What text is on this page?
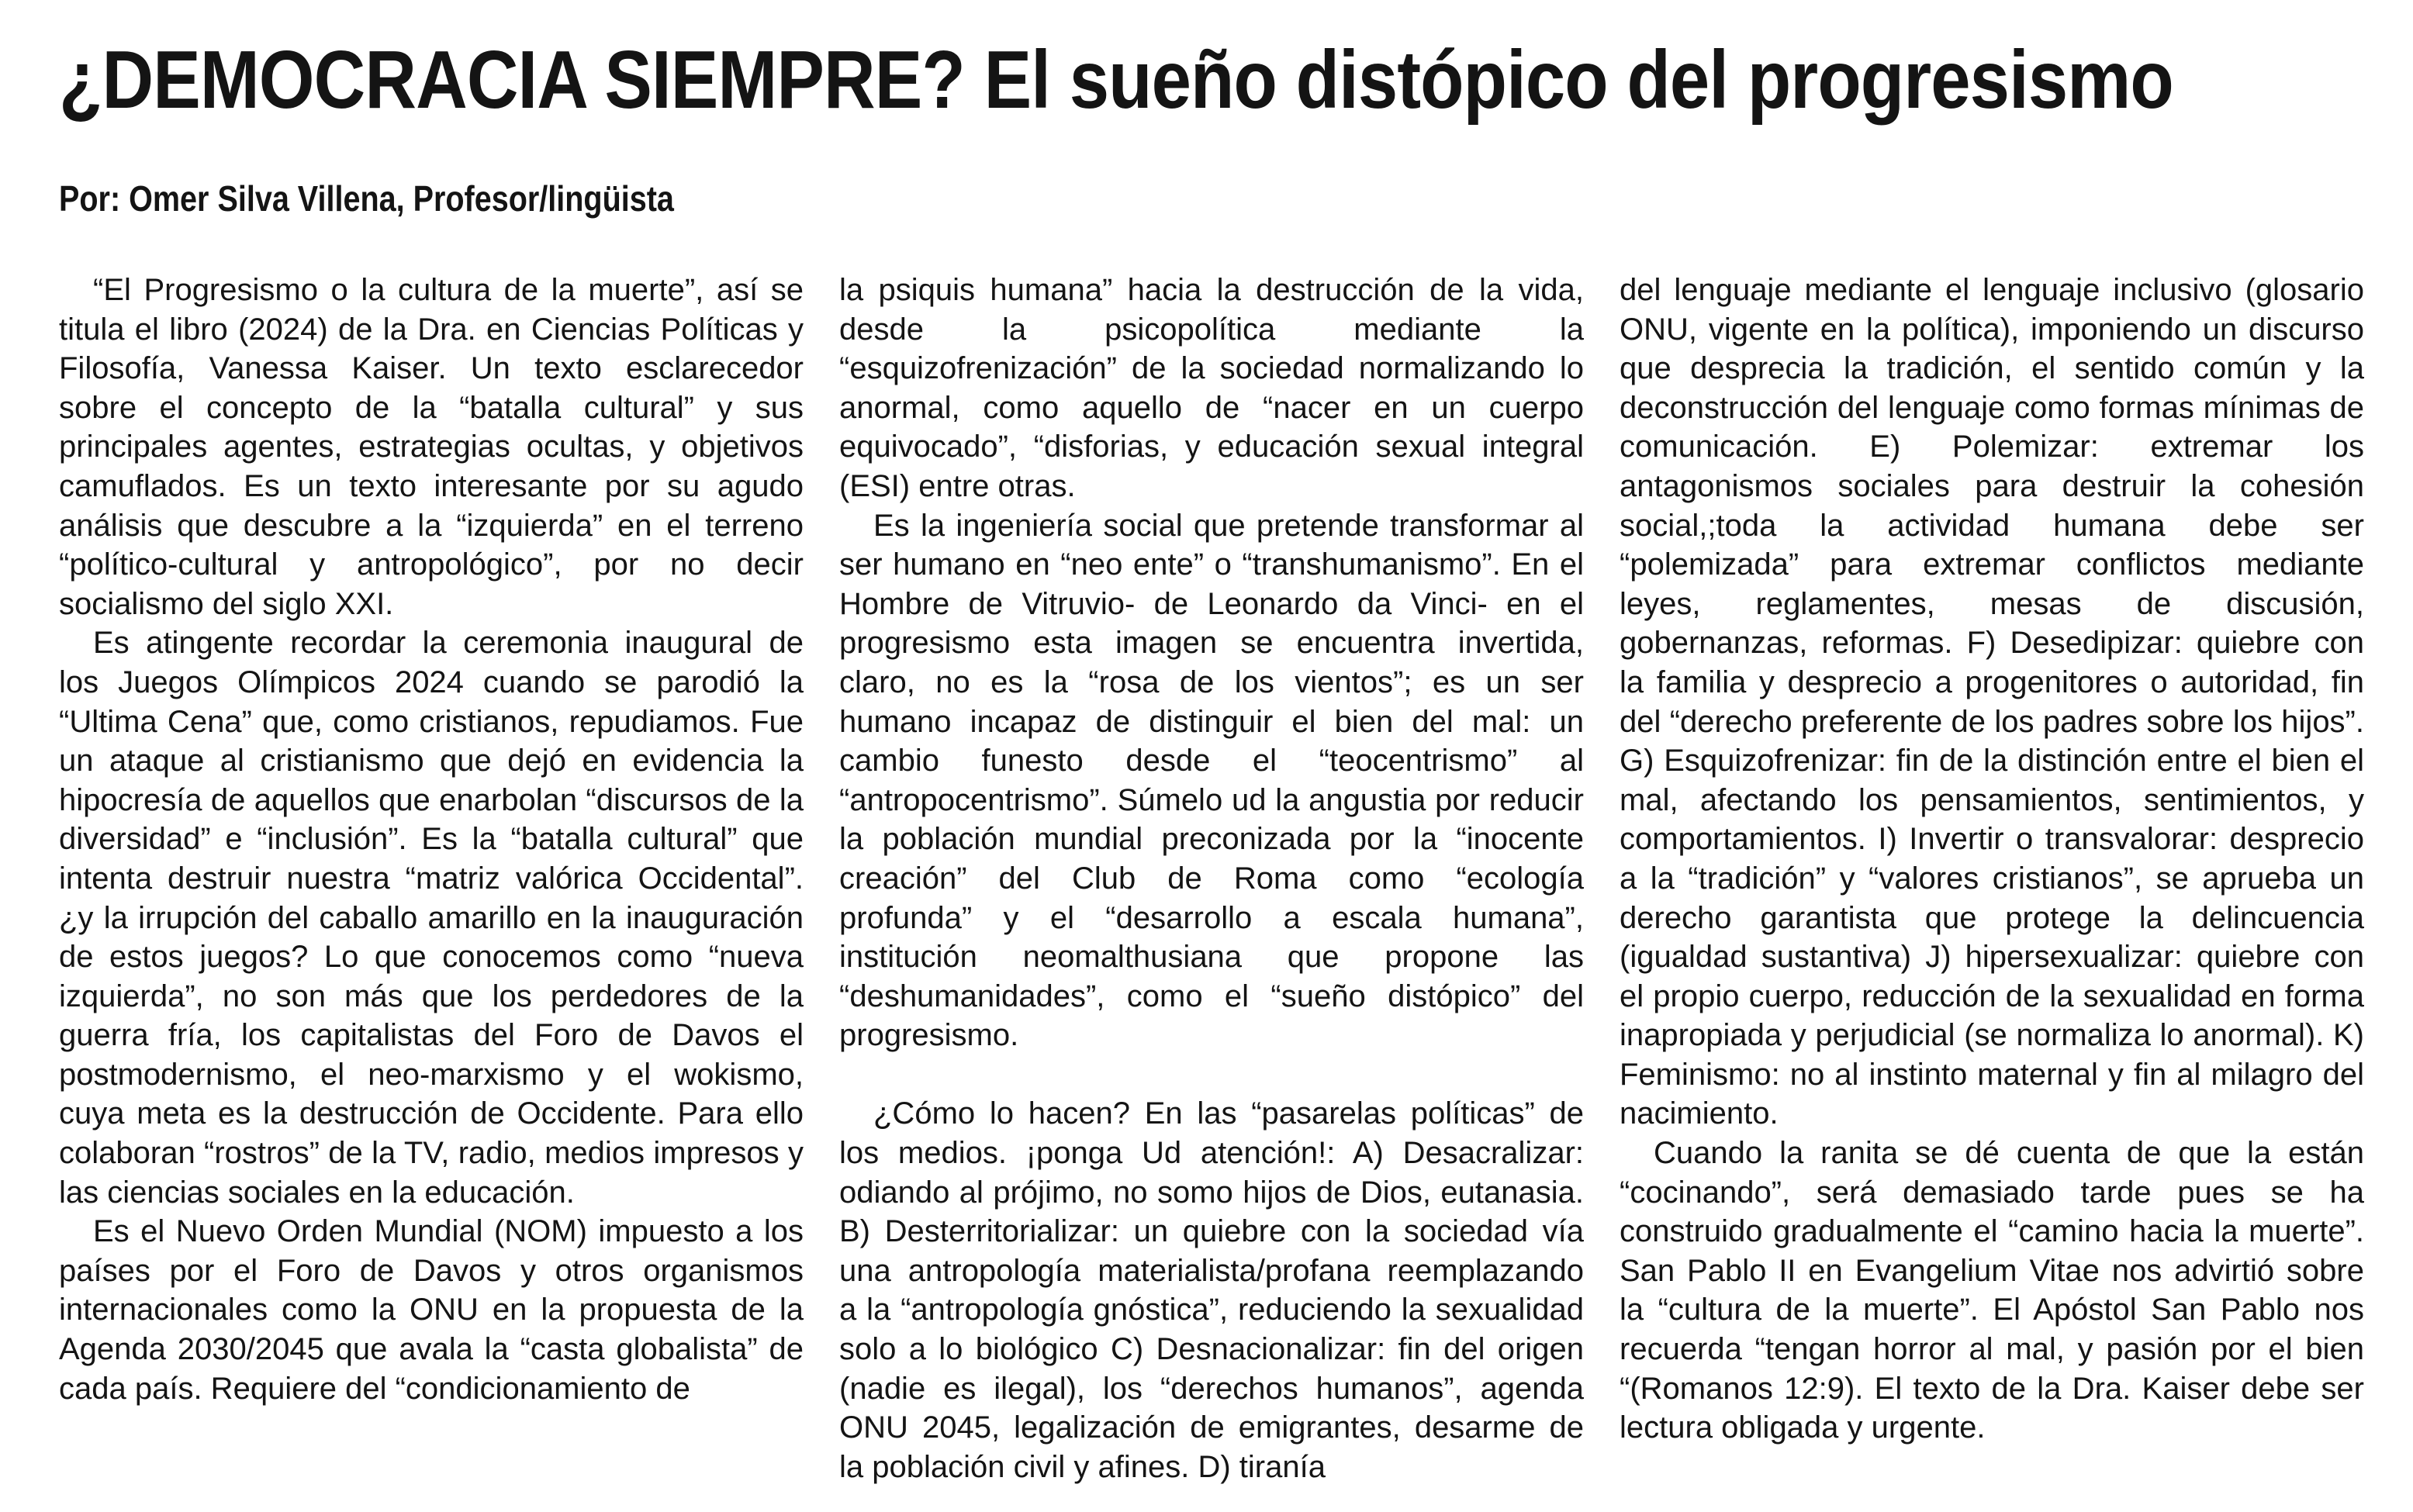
¿DEMOCRACIA SIEMPRE? El sueño distópico del progresismo
Por: Omer Silva Villena, Profesor/lingüista

“El Progresismo o la cultura de la muerte”, así se titula el libro (2024) de la Dra. en Ciencias Políticas y Filosofía, Vanessa Kaiser. Un texto esclarecedor sobre el concepto de la “batalla cultural” y sus principales agentes, estrategias ocultas, y objetivos camuflados. Es un texto interesante por su agudo análisis que descubre a la “izquierda” en el terreno “político-cultural y antropológico”, por no decir socialismo del siglo XXI.

Es atingente recordar la ceremonia inaugural de los Juegos Olímpicos 2024 cuando se parodió la “Ultima Cena” que, como cristianos, repudiamos. Fue un ataque al cristianismo que dejó en evidencia la hipocresía de aquellos que enarbolan “discursos de la diversidad” e “inclusión”. Es la “batalla cultural” que intenta destruir nuestra “matriz valórica Occidental”. ¿y la irrupción del caballo amarillo en la inauguración de estos juegos? Lo que conocemos como “nueva izquierda”, no son más que los perdedores de la guerra fría, los capitalistas del Foro de Davos el postmodernismo, el neo-marxismo y el wokismo, cuya meta es la destrucción de Occidente. Para ello colaboran “rostros” de la TV, radio, medios impresos y las ciencias sociales en la educación.

Es el Nuevo Orden Mundial (NOM) impuesto a los países por el Foro de Davos y otros organismos internacionales como la ONU en la propuesta de la Agenda 2030/2045 que avala la “casta globalista” de cada país. Requiere del “condicionamiento de

la psiquis humana” hacia la destrucción de la vida, desde la psicopolítica mediante la “esquizofrenización” de la sociedad normalizando lo anormal, como aquello de “nacer en un cuerpo equivocado”, “disforias, y educación sexual integral (ESI) entre otras.

Es la ingeniería social que pretende transformar al ser humano en “neo ente” o “transhumanismo”. En el Hombre de Vitruvio- de Leonardo da Vinci- en el progresismo esta imagen se encuentra invertida, claro, no es la “rosa de los vientos”; es un ser humano incapaz de distinguir el bien del mal: un cambio funesto desde el “teocentrismo” al “antropocentrismo”. Súmelo ud la angustia por reducir la población mundial preconizada por la “inocente creación” del Club de Roma como “ecología profunda” y el “desarrollo a escala humana”, institución neomalthusiana que propone las “deshumanidades”, como el “sueño distópico” del progresismo.

¿Cómo lo hacen? En las “pasarelas políticas” de los medios. ¡ponga Ud atención!: A) Desacralizar: odiando al prójimo, no somo hijos de Dios, eutanasia. B) Desterritorializar: un quiebre con la sociedad vía una antropología materialista/profana reemplazando a la “antropología gnóstica”, reduciendo la sexualidad solo a lo biológico C) Desnacionalizar: fin del origen (nadie es ilegal), los “derechos humanos”, agenda ONU 2045, legalización de emigrantes, desarme de la población civil y afines. D) tiranía

del lenguaje mediante el lenguaje inclusivo (glosario ONU, vigente en la política), imponiendo un discurso que desprecia la tradición, el sentido común y la deconstrucción del lenguaje como formas mínimas de comunicación. E) Polemizar: extremar los antagonismos sociales para destruir la cohesión social,;toda la actividad humana debe ser “polemizada” para extremar conflictos mediante leyes, reglamentes, mesas de discusión, gobernanzas, reformas. F) Desedipizar: quiebre con la familia y desprecio a progenitores o autoridad, fin del “derecho preferente de los padres sobre los hijos”. G) Esquizofrenizar: fin de la distinción entre el bien el mal, afectando los pensamientos, sentimientos, y comportamientos. I) Invertir o transvalorar: desprecio a la “tradición” y “valores cristianos”, se aprueba un derecho garantista que protege la delincuencia (igualdad sustantiva) J) hipersexualizar: quiebre con el propio cuerpo, reducción de la sexualidad en forma inapropiada y perjudicial (se normaliza lo anormal). K) Feminismo: no al instinto maternal y fin al milagro del nacimiento.

Cuando la ranita se dé cuenta de que la están “cocinando”, será demasiado tarde pues se ha construido gradualmente el “camino hacia la muerte”. San Pablo II en Evangelium Vitae nos advirtió sobre la “cultura de la muerte”. El Apóstol San Pablo nos recuerda “tengan horror al mal, y pasión por el bien “(Romanos 12:9). El texto de la Dra. Kaiser debe ser lectura obligada y urgente.
